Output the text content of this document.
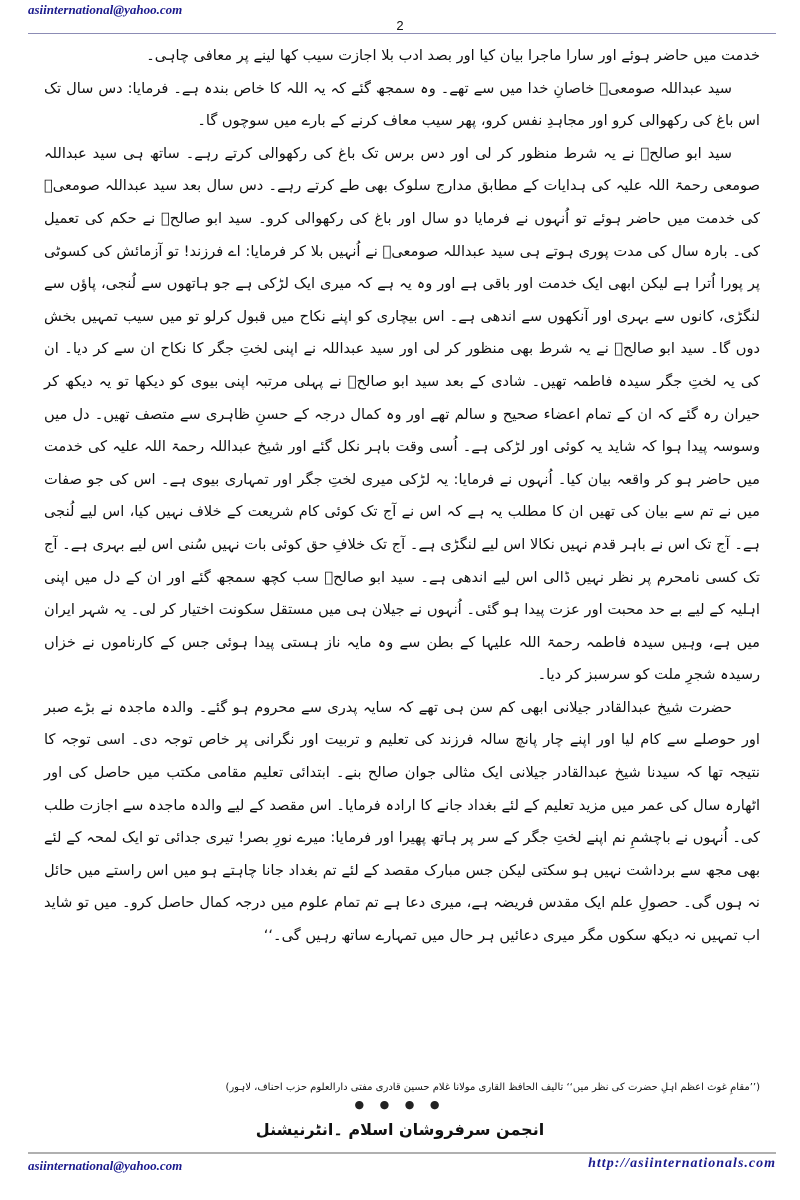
asiinternational@yahoo.com
2

خدمت میں حاضر ہوئے اور سارا ماجرا بیان کیا اور بصد ادب بلا اجازت سیب کھا لینے پر معافی چاہی۔

سید عبداللہ صومعیؒ خاصانِ خدا میں سے تھے۔ وہ سمجھ گئے کہ یہ اللہ کا خاص بندہ ہے۔ فرمایا: دس سال تک اس باغ کی رکھوالی کرو اور مجاہدِ نفس کرو، پھر سیب معاف کرنے کے بارے میں سوچوں گا۔

سید ابو صالحؒ نے یہ شرط منظور کر لی اور دس برس تک باغ کی رکھوالی کرتے رہے۔ ساتھ ہی سید عبداللہ صومعی رحمۃ اللہ علیہ کی ہدایات کے مطابق مدارج سلوک بھی طے کرتے رہے۔ دس سال بعد سید عبداللہ صومعیؒ کی خدمت میں حاضر ہوئے تو اُنہوں نے فرمایا دو سال اور باغ کی رکھوالی کرو۔ سید ابو صالحؒ نے حکم کی تعمیل کی۔ بارہ سال کی مدت پوری ہوتے ہی سید عبداللہ صومعیؒ نے اُنہیں بلا کر فرمایا: اے فرزند! تو آزمائش کی کسوٹی پر پورا اُترا ہے لیکن ابھی ایک خدمت اور باقی ہے اور وہ یہ ہے کہ میری ایک لڑکی ہے جو ہاتھوں سے لُنجی، پاؤں سے لنگڑی، کانوں سے بہری اور آنکھوں سے اندھی ہے۔ اس بیچاری کو اپنے نکاح میں قبول کرلو تو میں سیب تمہیں بخش دوں گا۔ سید ابو صالحؒ نے یہ شرط بھی منظور کر لی اور سید عبداللہ نے اپنی لختِ جگر کا نکاح ان سے کر دیا۔ ان کی یہ لختِ جگر سیدہ فاطمہ تھیں۔ شادی کے بعد سید ابو صالحؒ نے پہلی مرتبہ اپنی بیوی کو دیکھا تو یہ دیکھ کر حیران رہ گئے کہ ان کے تمام اعضاء صحیح و سالم تھے اور وہ کمال درجہ کے حسنِ ظاہری سے متصف تھیں۔ دل میں وسوسہ پیدا ہوا کہ شاید یہ کوئی اور لڑکی ہے۔ اُسی وقت باہر نکل گئے اور شیخ عبداللہ رحمۃ اللہ علیہ کی خدمت میں حاضر ہو کر واقعہ بیان کیا۔ اُنہوں نے فرمایا: یہ لڑکی میری لختِ جگر اور تمہاری بیوی ہے۔ اس کی جو صفات میں نے تم سے بیان کی تھیں ان کا مطلب یہ ہے کہ اس نے آج تک کوئی کام شریعت کے خلاف نہیں کیا، اس لیے لُنجی ہے۔ آج تک اس نے باہر قدم نہیں نکالا اس لیے لنگڑی ہے۔ آج تک خلافِ حق کوئی بات نہیں سُنی اس لیے بہری ہے۔ آج تک کسی نامحرم پر نظر نہیں ڈالی اس لیے اندھی ہے۔ سید ابو صالحؒ سب کچھ سمجھ گئے اور ان کے دل میں اپنی اہلیہ کے لیے بے حد محبت اور عزت پیدا ہو گئی۔ اُنہوں نے جیلان ہی میں مستقل سکونت اختیار کر لی۔ یہ شہر ایران میں ہے، وہیں سیدہ فاطمہ رحمۃ اللہ علیہا کے بطن سے وہ مایہ ناز ہستی پیدا ہوئی جس کے کارناموں نے خزاں رسیدہ شجرِ ملت کو سرسبز کر دیا۔

حضرت شیخ عبدالقادر جیلانی ابھی کم سن ہی تھے کہ سایہ پدری سے محروم ہو گئے۔ والدہ ماجدہ نے بڑے صبر اور حوصلے سے کام لیا اور اپنے چار پانچ سالہ فرزند کی تعلیم و تربیت اور نگرانی پر خاص توجہ دی۔ اسی توجہ کا نتیجہ تھا کہ سیدنا شیخ عبدالقادر جیلانی ایک مثالی جوان صالح بنے۔ ابتدائی تعلیم مقامی مکتب میں حاصل کی اور اٹھارہ سال کی عمر میں مزید تعلیم کے لئے بغداد جانے کا ارادہ فرمایا۔ اس مقصد کے لیے والدہ ماجدہ سے اجازت طلب کی۔ اُنہوں نے باچشمِ نم اپنے لختِ جگر کے سر پر ہاتھ پھیرا اور فرمایا: میرے نورِ بصر! تیری جدائی تو ایک لمحہ کے لئے بھی مجھ سے برداشت نہیں ہو سکتی لیکن جس مبارک مقصد کے لئے تم بغداد جانا چاہتے ہو میں اس راستے میں حائل نہ ہوں گی۔ حصولِ علم ایک مقدس فریضہ ہے، میری دعا ہے تم تمام علوم میں درجہ کمال حاصل کرو۔ میں تو شاید اب تمہیں نہ دیکھ سکوں مگر میری دعائیں ہر حال میں تمہارے ساتھ رہیں گی۔‘‘

(’’مقامِ غوث اعظم اہلِ حضرت کی نظر میں‘‘ تالیف الحافظ القاری مولانا غلام حسین قادری مفتی دارالعلوم حزب احناف، لاہور)
● ● ● ●
انجمن سرفروشان اسلام ۔انٹرنیشنل
asiinternational@yahoo.com	http://asiinternationals.com
